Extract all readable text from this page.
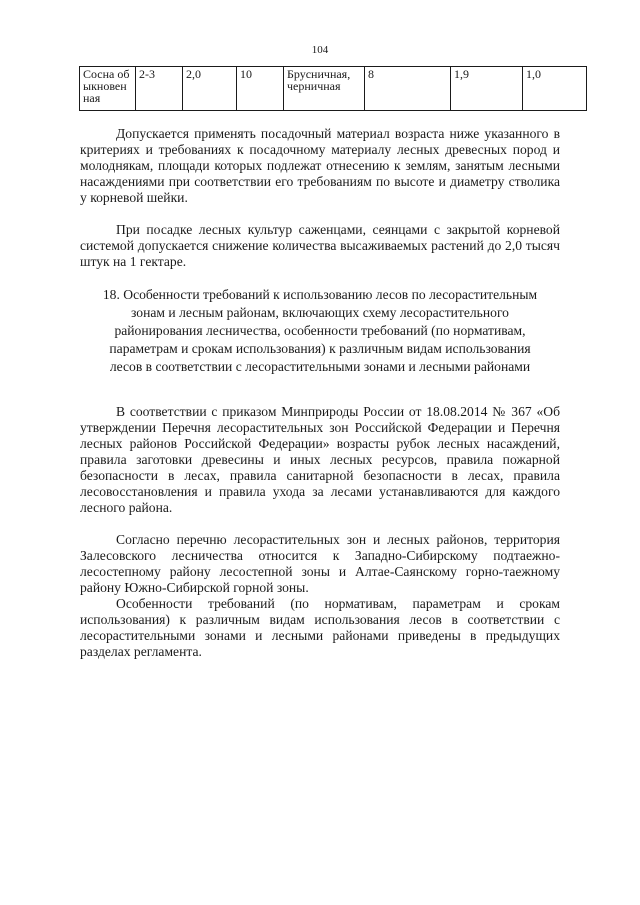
104
Сосна обыкновенная	2-3	2,0	10	Брусничная, черничная	8	1,9	1,0

Допускается применять посадочный материал возраста ниже указанного в критериях и требованиях к посадочному материалу лесных древесных пород и молоднякам, площади которых подлежат отнесению к землям, занятым лесными насаждениями при соответствии его требованиям по высоте и диаметру стволика у корневой шейки.

При посадке лесных культур саженцами, сеянцами с закрытой корневой системой допускается снижение количества высаживаемых растений до 2,0 тысяч штук на 1 гектаре.

18. Особенности требований к использованию лесов по лесорастительным зонам и лесным районам, включающих схему лесорастительного районирования лесничества, особенности требований (по нормативам, параметрам и срокам использования) к различным видам использования лесов в соответствии с лесорастительными зонами и лесными районами

В соответствии с приказом Минприроды России от 18.08.2014 № 367 «Об утверждении Перечня лесорастительных зон Российской Федерации и Перечня лесных районов Российской Федерации» возрасты рубок лесных насаждений, правила заготовки древесины и иных лесных ресурсов, правила пожарной безопасности в лесах, правила санитарной безопасности в лесах, правила лесовосстановления и правила ухода за лесами устанавливаются для каждого лесного района.

Согласно перечню лесорастительных зон и лесных районов, территория Залесовского лесничества относится к Западно-Сибирскому подтаежно-лесостепному району лесостепной зоны и Алтае-Саянскому горно-таежному району Южно-Сибирской горной зоны.

Особенности требований (по нормативам, параметрам и срокам использования) к различным видам использования лесов в соответствии с лесорастительными зонами и лесными районами приведены в предыдущих разделах регламента.
